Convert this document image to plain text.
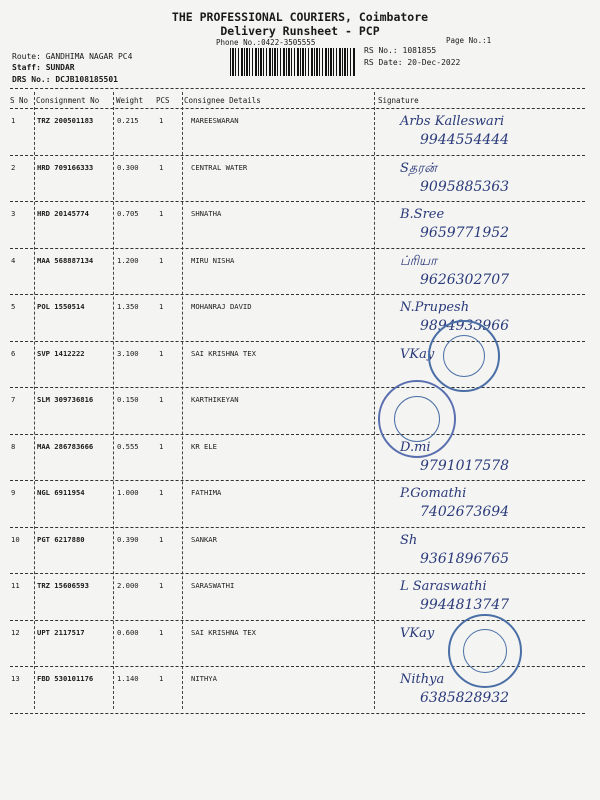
THE PROFESSIONAL COURIERS, Coimbatore
Delivery Runsheet - PCP
Phone No.:0422-3505555	Page No.:1
Route: GANDHIMA NAGAR PC4
Staff: SUNDAR
DRS No.: DCJB108185501
RS No.: 1081855
RS Date: 20-Dec-2022
S No Consignment No Weight PCS Consignee Details	Signature
1	TRZ 200501183	0.215	1	MAREESWARAN	Arbs Kalleswari
9944554444
2	HRD 709166333	0.300	1	CENTRAL WATER	Sதரன்
9095885363
3	HRD 20145774	0.705	1	SHNATHA	B.Sree
9659771952
4	MAA 568887134	1.200	1	MIRU NISHA	ப்ரியா
9626302707
5	POL 1550514	1.350	1	MOHANRAJ DAVID	N.Prupesh
9894933966
6	SVP 1412222	3.100	1	SAI KRISHNA TEX	VKay
7	SLM 309736816	0.150	1	KARTHIKEYAN
8	MAA 286783666	0.555	1	KR ELE	D.mi
9791017578
9	NGL 6911954	1.000	1	FATHIMA	P.Gomathi
7402673694
10 PGT 6217880	0.390	1	SANKAR	Sh
9361896765
11 TRZ 15606593	2.000	1	SARASWATHI	L Saraswathi
9944813747
12 UPT 2117517	0.600	1	SAI KRISHNA TEX	VKay
13 FBD 530101176	1.140	1	NITHYA	Nithya
6385828932
